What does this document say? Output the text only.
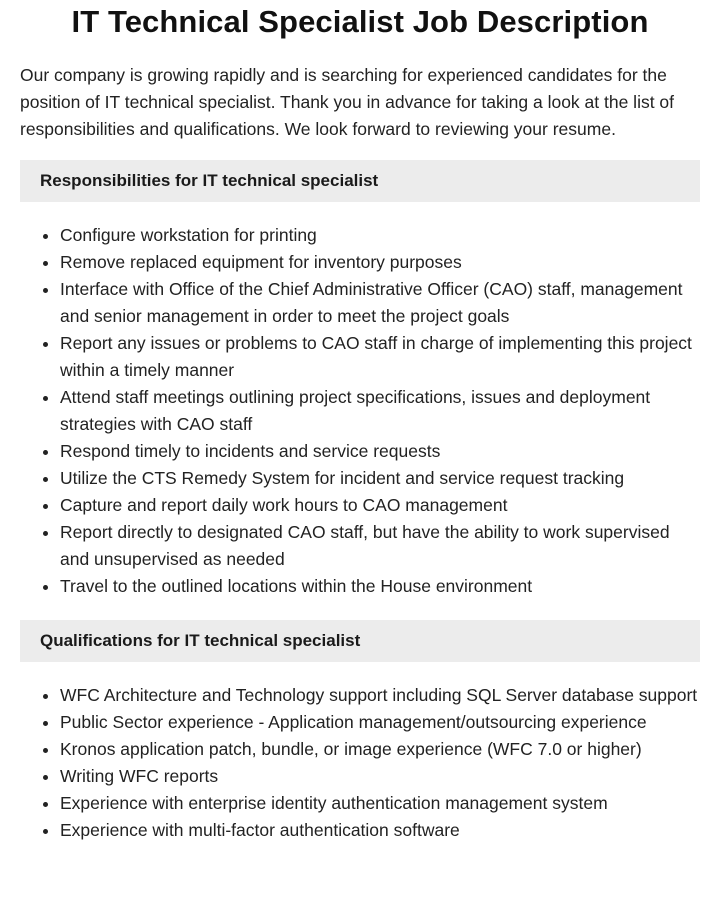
IT Technical Specialist Job Description

Our company is growing rapidly and is searching for experienced candidates for the position of IT technical specialist. Thank you in advance for taking a look at the list of responsibilities and qualifications. We look forward to reviewing your resume.

Responsibilities for IT technical specialist
• Configure workstation for printing
• Remove replaced equipment for inventory purposes
• Interface with Office of the Chief Administrative Officer (CAO) staff, management and senior management in order to meet the project goals
• Report any issues or problems to CAO staff in charge of implementing this project within a timely manner
• Attend staff meetings outlining project specifications, issues and deployment strategies with CAO staff
• Respond timely to incidents and service requests
• Utilize the CTS Remedy System for incident and service request tracking
• Capture and report daily work hours to CAO management
• Report directly to designated CAO staff, but have the ability to work supervised and unsupervised as needed
• Travel to the outlined locations within the House environment
Qualifications for IT technical specialist
• WFC Architecture and Technology support including SQL Server database support
• Public Sector experience - Application management/outsourcing experience
• Kronos application patch, bundle, or image experience (WFC 7.0 or higher)
• Writing WFC reports
• Experience with enterprise identity authentication management system
• Experience with multi-factor authentication software
